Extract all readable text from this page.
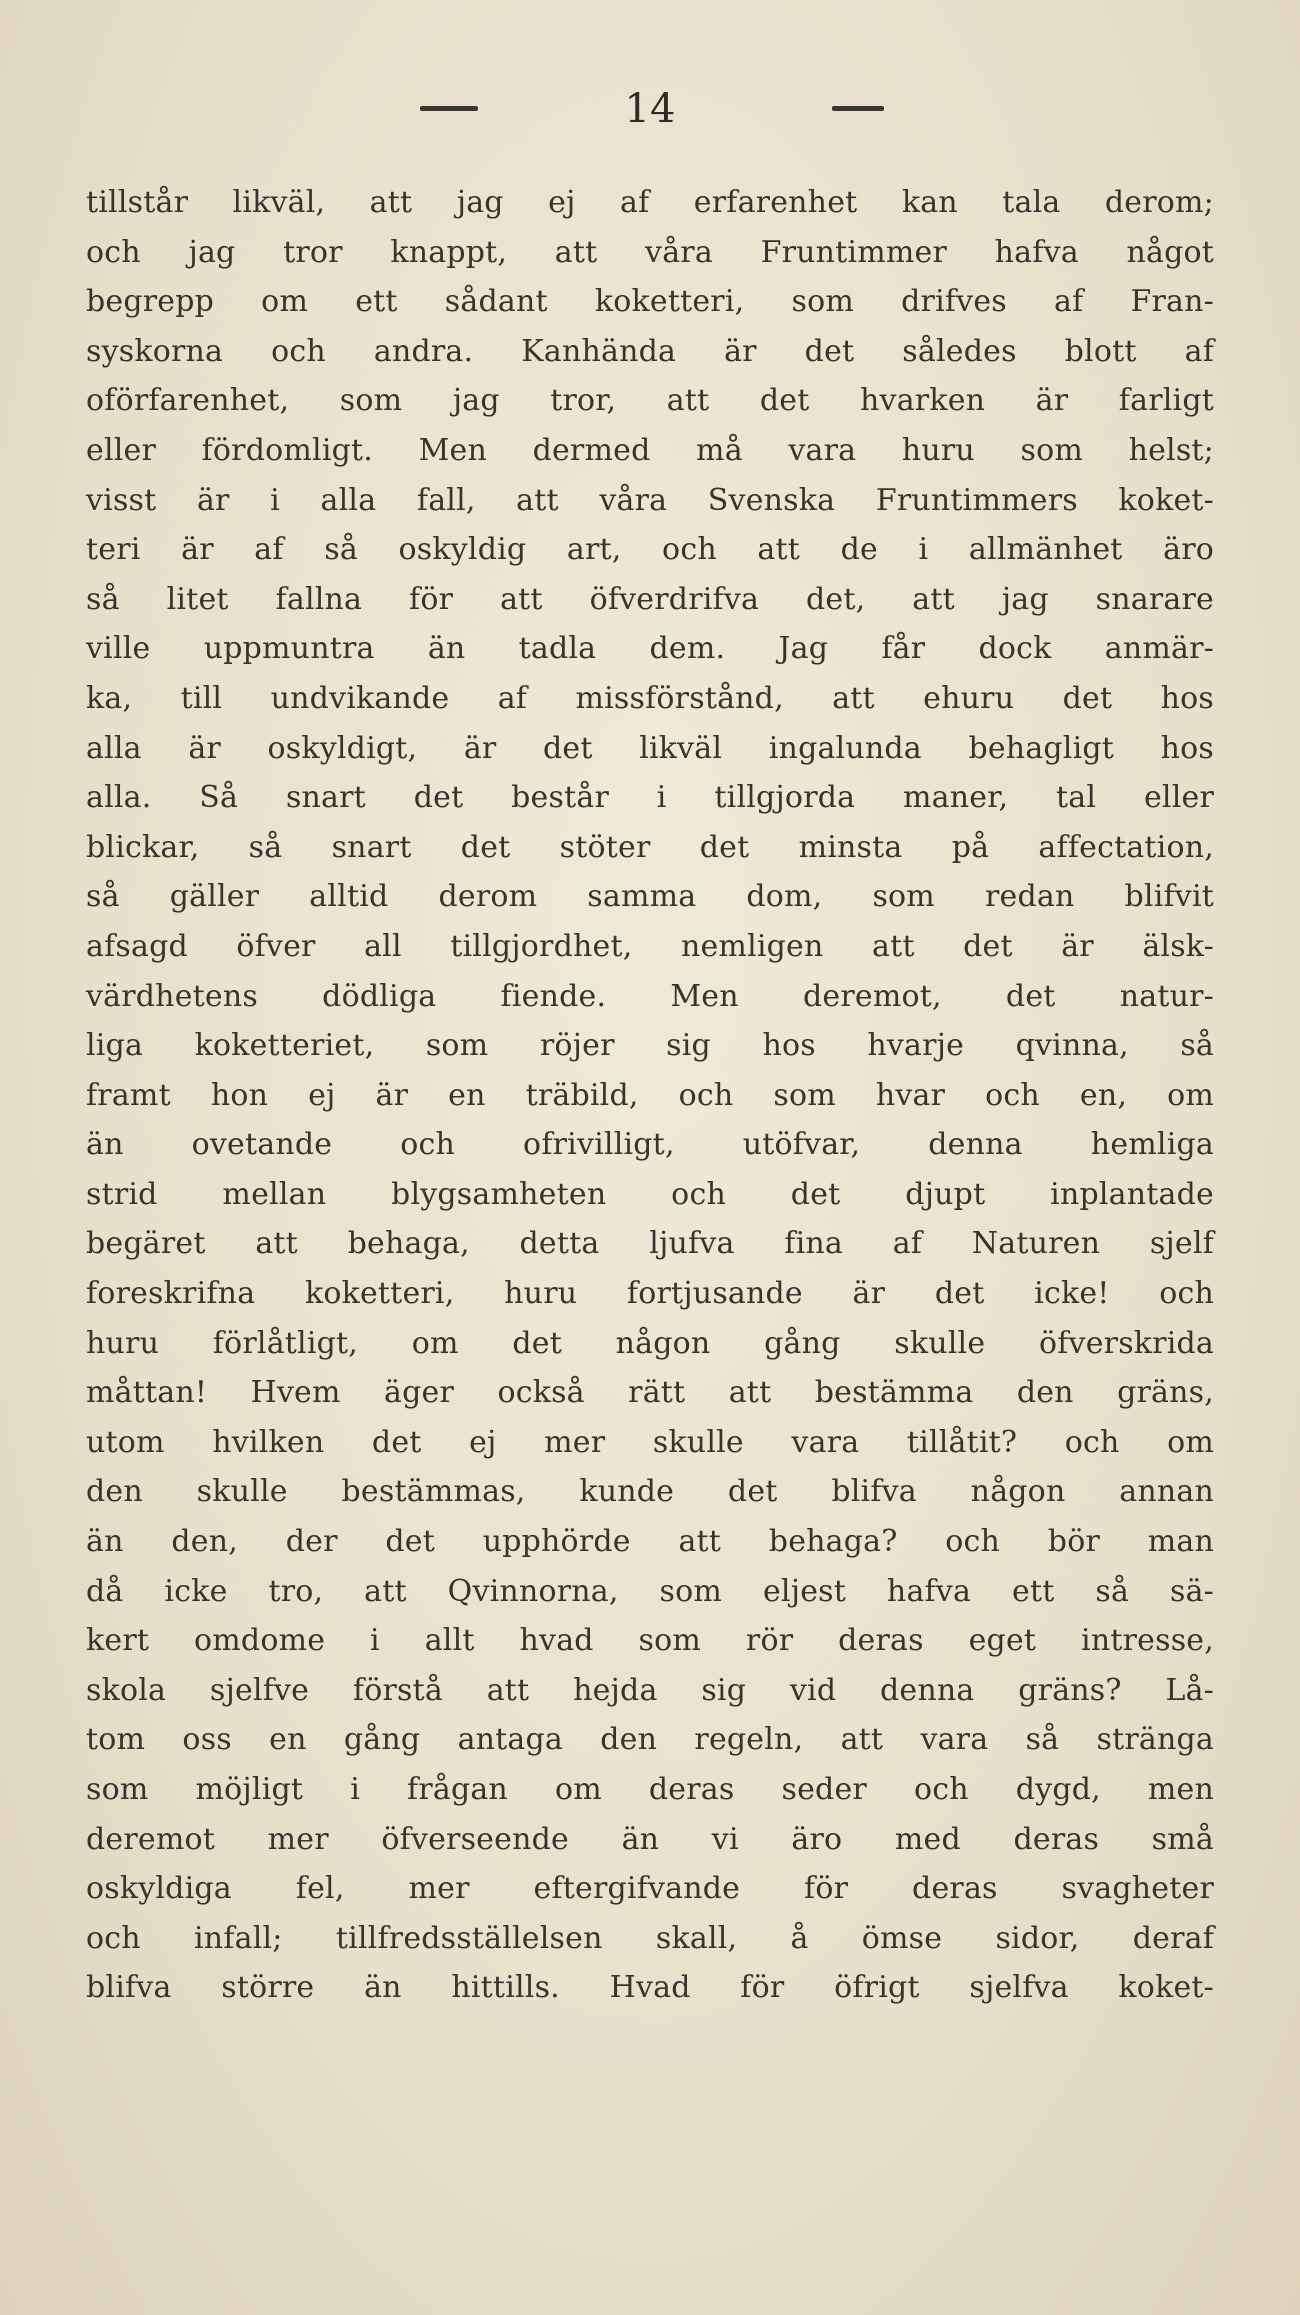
14
tillstår likväl, att jag ej af erfarenhet kan tala derom;
och jag tror knappt, att våra Fruntimmer hafva något
begrepp om ett sådant koketteri, som drifves af Fran-
syskorna och andra. Kanhända är det således blott af
oförfarenhet, som jag tror, att det hvarken är farligt
eller fördomligt. Men dermed må vara huru som helst;
visst är i alla fall, att våra Svenska Fruntimmers koket-
teri är af så oskyldig art, och att de i allmänhet äro
så litet fallna för att öfverdrifva det, att jag snarare
ville uppmuntra än tadla dem. Jag får dock anmär-
ka, till undvikande af missförstånd, att ehuru det hos
alla är oskyldigt, är det likväl ingalunda behagligt hos
alla. Så snart det består i tillgjorda maner, tal eller
blickar, så snart det stöter det minsta på affectation,
så gäller alltid derom samma dom, som redan blifvit
afsagd öfver all tillgjordhet, nemligen att det är älsk-
värdhetens dödliga fiende. Men deremot, det natur-
liga koketteriet, som röjer sig hos hvarje qvinna, så
framt hon ej är en träbild, och som hvar och en, om
än ovetande och ofrivilligt, utöfvar, denna hemliga
strid mellan blygsamheten och det djupt inplantade
begäret att behaga, detta ljufva fina af Naturen sjelf
foreskrifna koketteri, huru fortjusande är det icke! och
huru förlåtligt, om det någon gång skulle öfverskrida
måttan! Hvem äger också rätt att bestämma den gräns,
utom hvilken det ej mer skulle vara tillåtit? och om
den skulle bestämmas, kunde det blifva någon annan
än den, der det upphörde att behaga? och bör man
då icke tro, att Qvinnorna, som eljest hafva ett så sä-
kert omdome i allt hvad som rör deras eget intresse,
skola sjelfve förstå att hejda sig vid denna gräns? Lå-
tom oss en gång antaga den regeln, att vara så stränga
som möjligt i frågan om deras seder och dygd, men
deremot mer öfverseende än vi äro med deras små
oskyldiga fel, mer eftergifvande för deras svagheter
och infall; tillfredsställelsen skall, å ömse sidor, deraf
blifva större än hittills. Hvad för öfrigt sjelfva koket-
